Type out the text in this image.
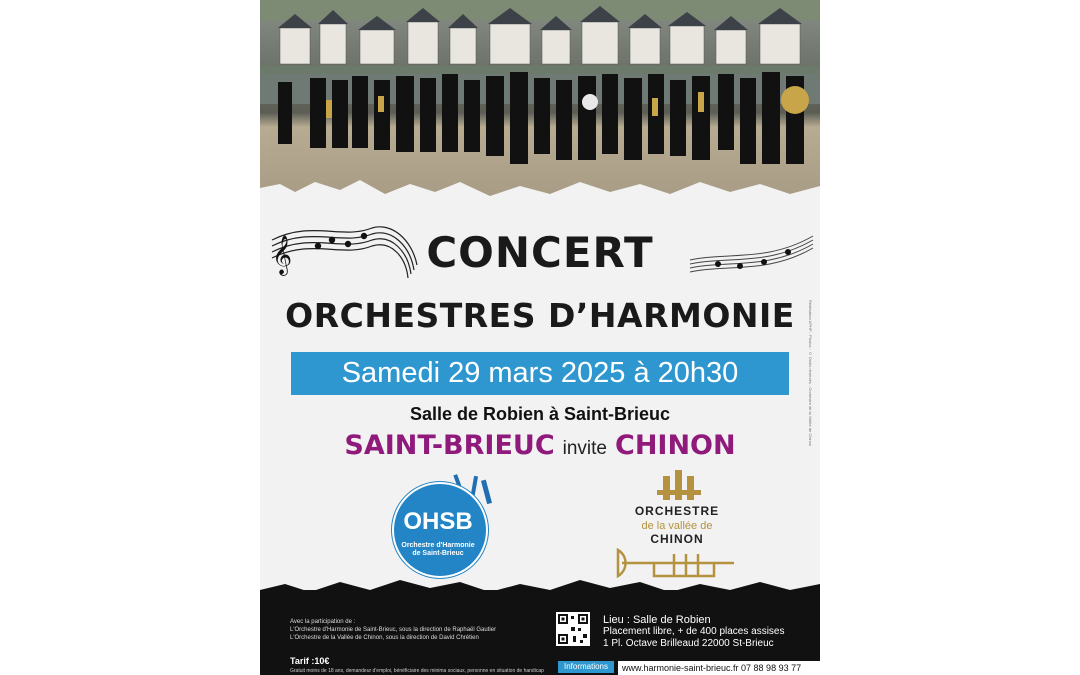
𝄞	CONCERT
ORCHESTRES D’HARMONIE
Samedi 29 mars 2025 à 20h30
Salle de Robien à Saint-Brieuc
SAINT-BRIEUC invite CHINON
OHSB
Orchestre d'Harmonie
de Saint-Brieuc
ORCHESTRE
de la vallée de
CHINON
Réalisation APHP - Photos : © Droits réservés - Orchestre de la Vallée de Chinon
Avec la participation de :
L'Orchestre d'Harmonie de Saint-Brieuc, sous la direction de Raphaël Gautier
L'Orchestre de la Vallée de Chinon, sous la direction de David Chrétien
Tarif :10€
Gratuit moins de 18 ans, demandeur d'emploi, bénéficiaire des minima sociaux, personne en situation de handicap
Lieu : Salle de Robien
Placement libre, + de 400 places assises
1 Pl. Octave Brilleaud 22000 St-Brieuc
Informations	www.harmonie-saint-brieuc.fr 07 88 98 93 77
